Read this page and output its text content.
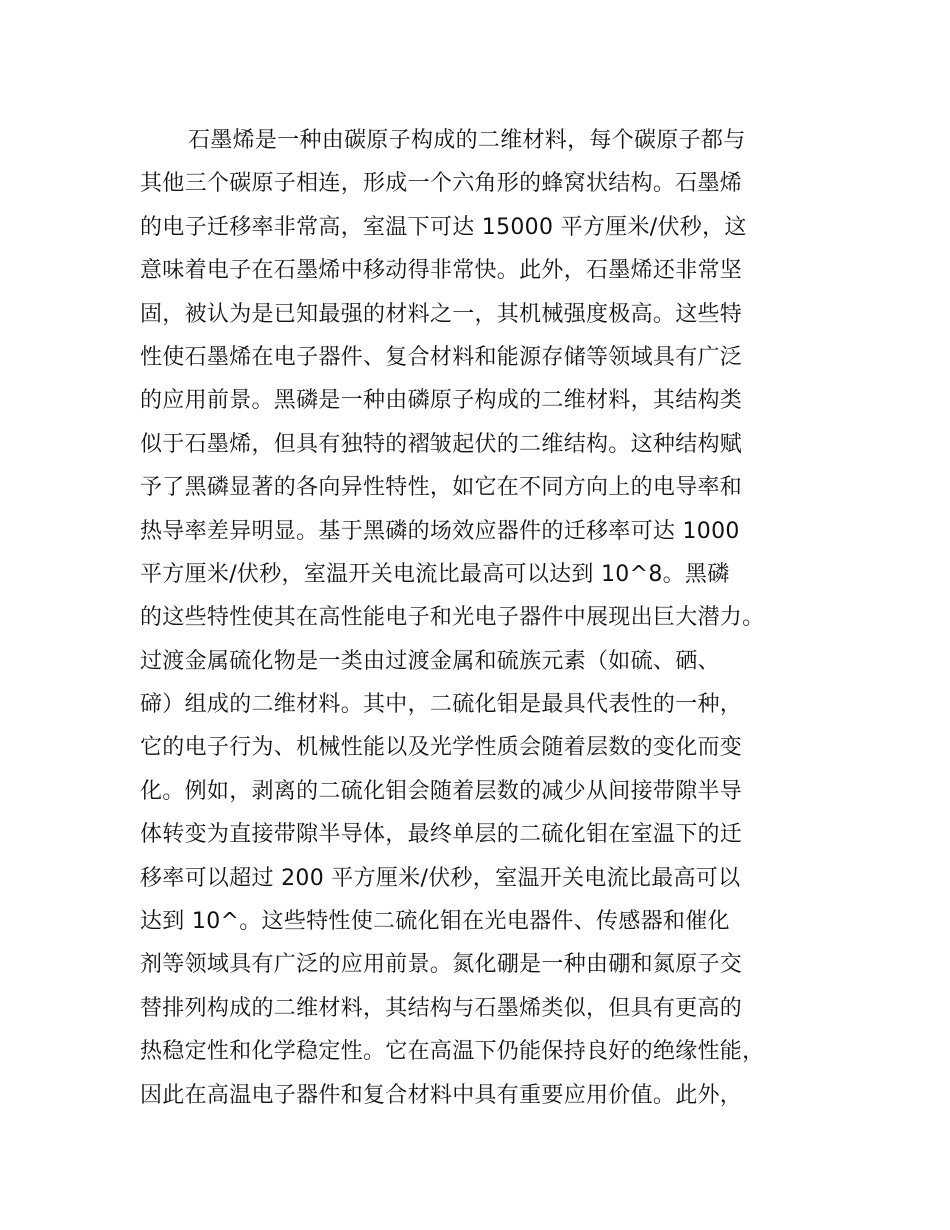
石墨烯是一种由碳原子构成的二维材料，每个碳原子都与
其他三个碳原子相连，形成一个六角形的蜂窝状结构。石墨烯
的电子迁移率非常高，室温下可达 15000 平方厘米/伏秒，这
意味着电子在石墨烯中移动得非常快。此外，石墨烯还非常坚
固，被认为是已知最强的材料之一，其机械强度极高。这些特
性使石墨烯在电子器件、复合材料和能源存储等领域具有广泛
的应用前景。黑磷是一种由磷原子构成的二维材料，其结构类
似于石墨烯，但具有独特的褶皱起伏的二维结构。这种结构赋
予了黑磷显著的各向异性特性，如它在不同方向上的电导率和
热导率差异明显。基于黑磷的场效应器件的迁移率可达 1000
平方厘米/伏秒，室温开关电流比最高可以达到 10^8。黑磷
的这些特性使其在高性能电子和光电子器件中展现出巨大潜力。
过渡金属硫化物是一类由过渡金属和硫族元素（如硫、硒、
碲）组成的二维材料。其中，二硫化钼是最具代表性的一种，
它的电子行为、机械性能以及光学性质会随着层数的变化而变
化。例如，剥离的二硫化钼会随着层数的减少从间接带隙半导
体转变为直接带隙半导体，最终单层的二硫化钼在室温下的迁
移率可以超过 200 平方厘米/伏秒，室温开关电流比最高可以
达到 10^。这些特性使二硫化钼在光电器件、传感器和催化
剂等领域具有广泛的应用前景。氮化硼是一种由硼和氮原子交
替排列构成的二维材料，其结构与石墨烯类似，但具有更高的
热稳定性和化学稳定性。它在高温下仍能保持良好的绝缘性能，
因此在高温电子器件和复合材料中具有重要应用价值。此外，
